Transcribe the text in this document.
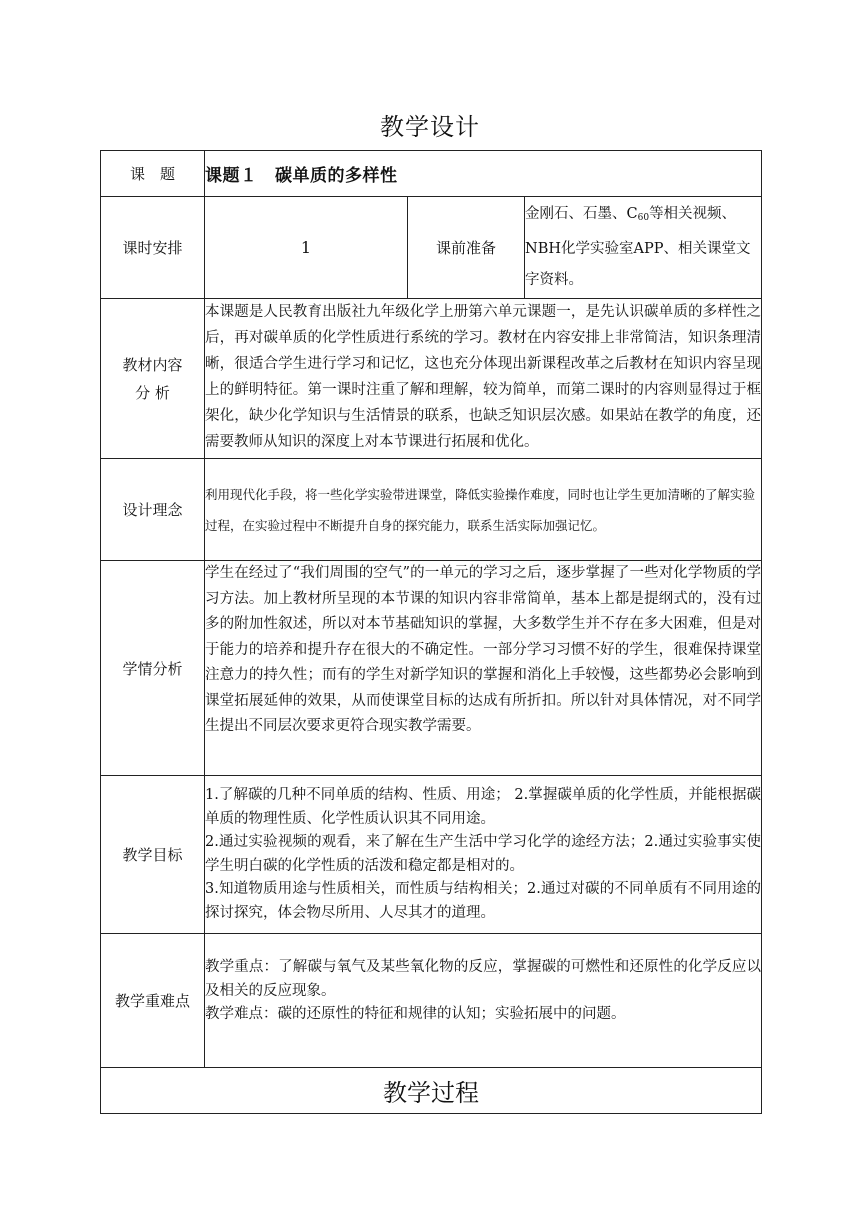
教学设计
课　题	课题１　碳单质的多样性		
课时安排	1	课前准备	金刚石、石墨、$C_{60}$等相关视频、NBH化学实验室APP、相关课堂文字资料。

教材内容
分 析	本课题是人民教育出版社九年级化学上册第六单元课题一，是先认识碳单质的多样性之后，再对碳单质的化学性质进行系统的学习。教材在内容安排上非常简洁，知识条理清晰，很适合学生进行学习和记忆，这也充分体现出新课程改革之后教材在知识内容呈现上的鲜明特征。第一课时注重了解和理解，较为简单，而第二课时的内容则显得过于框架化，缺少化学知识与生活情景的联系，也缺乏知识层次感。如果站在教学的角度，还需要教师从知识的深度上对本节课进行拓展和优化。		
设计理念	利用现代化手段，将一些化学实验带进课堂，降低实验操作难度，同时也让学生更加清晰的了解实验过程，在实验过程中不断提升自身的探究能力，联系生活实际加强记忆。		
学情分析	学生在经过了“我们周围的空气”的一单元的学习之后，逐步掌握了一些对化学物质的学习方法。加上教材所呈现的本节课的知识内容非常简单，基本上都是提纲式的，没有过多的附加性叙述，所以对本节基础知识的掌握，大多数学生并不存在多大困难，但是对于能力的培养和提升存在很大的不确定性。一部分学习习惯不好的学生，很难保持课堂注意力的持久性；而有的学生对新学知识的掌握和消化上手较慢，这些都势必会影响到课堂拓展延伸的效果，从而使课堂目标的达成有所折扣。所以针对具体情况，对不同学生提出不同层次要求更符合现实教学需要。		
教学目标	1.了解碳的几种不同单质的结构、性质、用途； 2.掌握碳单质的化学性质，并能根据碳单质的物理性质、化学性质认识其不同用途。

2.通过实验视频的观看，来了解在生产生活中学习化学的途经方法；2.通过实验事实使学生明白碳的化学性质的活泼和稳定都是相对的。

3.知道物质用途与性质相关，而性质与结构相关；2.通过对碳的不同单质有不同用途的探讨探究，体会物尽所用、人尽其才的道理。		

教学重难点	教学重点：了解碳与氧气及某些氧化物的反应，掌握碳的可燃性和还原性的化学反应以及相关的反应现象。

教学难点：碳的还原性的特征和规律的认知；实验拓展中的问题。		

教学过程			
